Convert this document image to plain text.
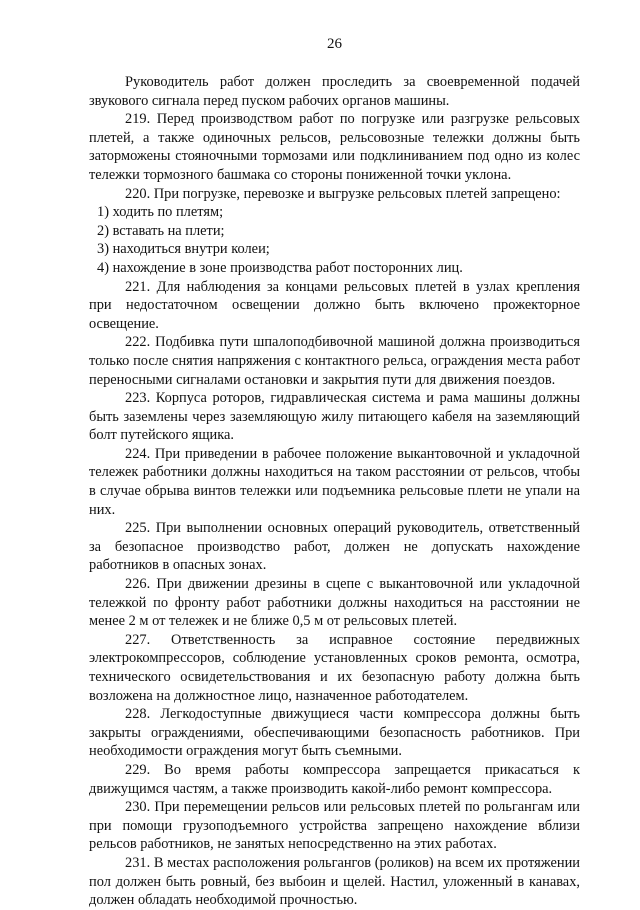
26

Руководитель работ должен проследить за своевременной подачей звукового сигнала перед пуском рабочих органов машины.

219. Перед производством работ по погрузке или разгрузке рельсовых плетей, а также одиночных рельсов, рельсовозные тележки должны быть заторможены стояночными тормозами или подклиниванием под одно из колес тележки тормозного башмака со стороны пониженной точки уклона.

220. При погрузке, перевозке и выгрузке рельсовых плетей запрещено:

1) ходить по плетям;

2) вставать на плети;

3) находиться внутри колеи;

4) нахождение в зоне производства работ посторонних лиц.

221. Для наблюдения за концами рельсовых плетей в узлах крепления при недостаточном освещении должно быть включено прожекторное освещение.

222. Подбивка пути шпалоподбивочной машиной должна производиться только после снятия напряжения с контактного рельса, ограждения места работ переносными сигналами остановки и закрытия пути для движения поездов.

223. Корпуса роторов, гидравлическая система и рама машины должны быть заземлены через заземляющую жилу питающего кабеля на заземляющий болт путейского ящика.

224. При приведении в рабочее положение выкантовочной и укладочной тележек работники должны находиться на таком расстоянии от рельсов, чтобы в случае обрыва винтов тележки или подъемника рельсовые плети не упали на них.

225. При выполнении основных операций руководитель, ответственный за безопасное производство работ, должен не допускать нахождение работников в опасных зонах.

226. При движении дрезины в сцепе с выкантовочной или укладочной тележкой по фронту работ работники должны находиться на расстоянии не менее 2 м от тележек и не ближе 0,5 м от рельсовых плетей.

227. Ответственность за исправное состояние передвижных электрокомпрессоров, соблюдение установленных сроков ремонта, осмотра, технического освидетельствования и их безопасную работу должна быть возложена на должностное лицо, назначенное работодателем.

228. Легкодоступные движущиеся части компрессора должны быть закрыты ограждениями, обеспечивающими безопасность работников. При необходимости ограждения могут быть съемными.

229. Во время работы компрессора запрещается прикасаться к движущимся частям, а также производить какой-либо ремонт компрессора.

230. При перемещении рельсов или рельсовых плетей по рольгангам или при помощи грузоподъемного устройства запрещено нахождение вблизи рельсов работников, не занятых непосредственно на этих работах.

231. В местах расположения рольгангов (роликов) на всем их протяжении пол должен быть ровный, без выбоин и щелей. Настил, уложенный в канавах, должен обладать необходимой прочностью.
